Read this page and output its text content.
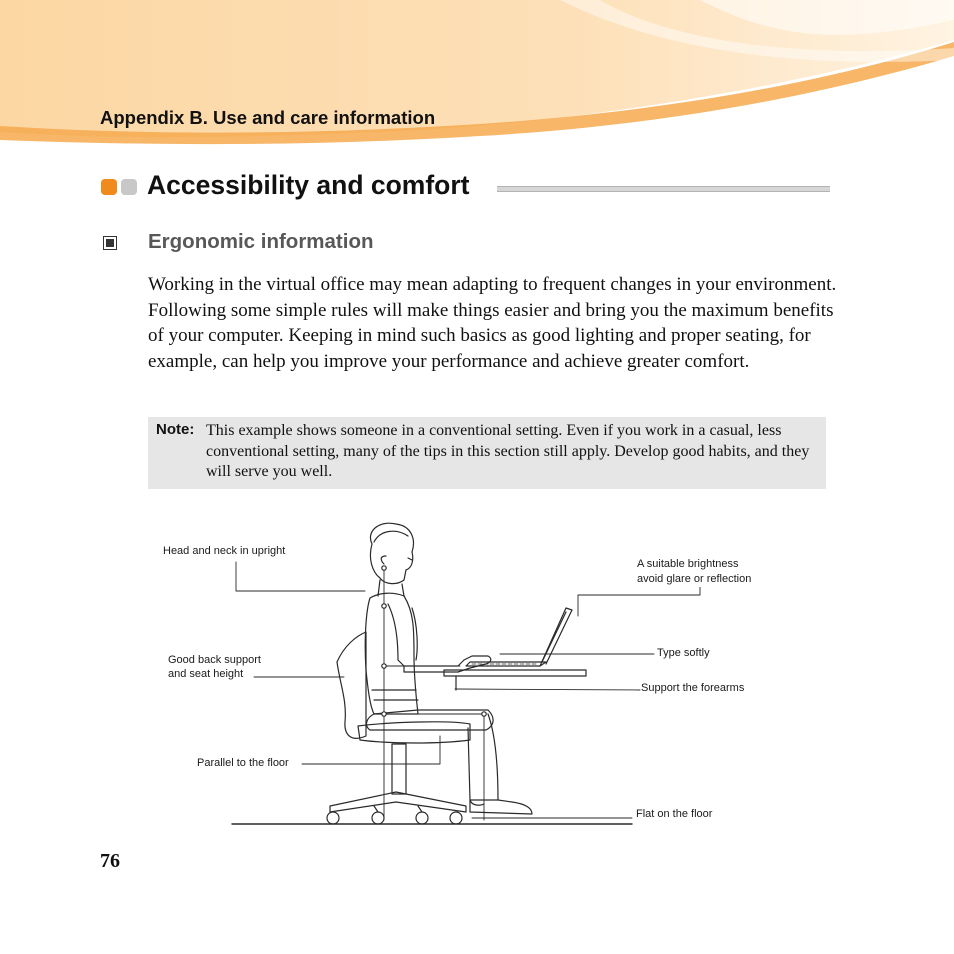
Appendix B. Use and care information
Accessibility and comfort
Ergonomic information

Working in the virtual office may mean adapting to frequent changes in your environment. Following some simple rules will make things easier and bring you the maximum benefits of your computer. Keeping in mind such basics as good lighting and proper seating, for example, can help you improve your performance and achieve greater comfort.

Note: This example shows someone in a conventional setting. Even if you work in a casual, less conventional setting, many of the tips in this section still apply. Develop good habits, and they will serve you well.
Head and neck in upright
A suitable brightness
avoid glare or reflection
Good back support
and seat height
Type softly
Support the forearms
Parallel to the floor
Flat on the floor
76
